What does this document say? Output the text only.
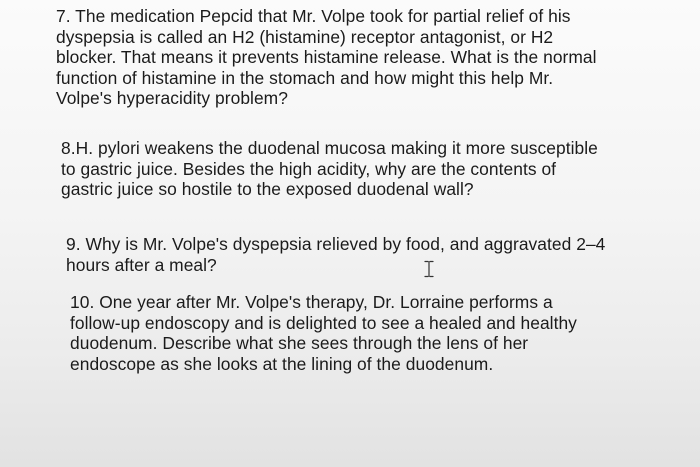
7. The medication Pepcid that Mr. Volpe took for partial relief of his
dyspepsia is called an H2 (histamine) receptor antagonist, or H2
blocker. That means it prevents histamine release. What is the normal
function of histamine in the stomach and how might this help Mr.
Volpe's hyperacidity problem?

8.H. pylori weakens the duodenal mucosa making it more susceptible
to gastric juice. Besides the high acidity, why are the contents of
gastric juice so hostile to the exposed duodenal wall?

9. Why is Mr. Volpe's dyspepsia relieved by food, and aggravated 2–4
hours after a meal?

10. One year after Mr. Volpe's therapy, Dr. Lorraine performs a
follow-up endoscopy and is delighted to see a healed and healthy
duodenum. Describe what she sees through the lens of her
endoscope as she looks at the lining of the duodenum.
